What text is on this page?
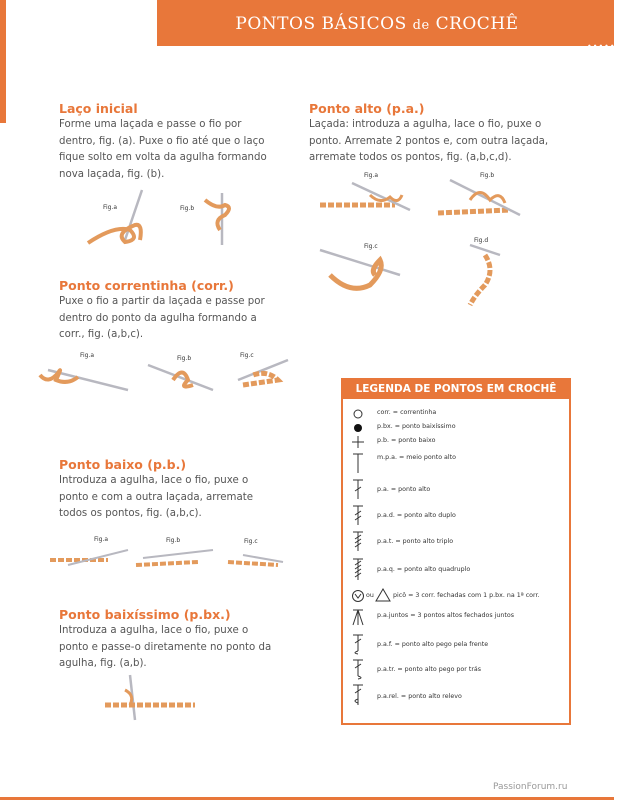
PONTOS BÁSICOS de CROCHÊ
•••••••••
Laço inicial
Forme uma laçada e passe o fio por
dentro, fig. (a). Puxe o fio até que o laço
fique solto em volta da agulha formando
nova laçada, fig. (b).
Fig.a	Fig.b
Ponto alto (p.a.)
Laçada: introduza a agulha, lace o fio, puxe o
ponto. Arremate 2 pontos e, com outra laçada,
arremate todos os pontos, fig. (a,b,c,d).
Fig.a	Fig.b
Fig.c
Fig.d
Ponto correntinha (corr.)
Puxe o fio a partir da laçada e passe por
dentro do ponto da agulha formando a
corr., fig. (a,b,c).
Fig.a	Fig.b	Fig.c
Ponto baixo (p.b.)
Introduza a agulha, lace o fio, puxe o
ponto e com a outra laçada, arremate
todos os pontos, fig. (a,b,c).
Fig.a	Fig.b	Fig.c
Ponto baixíssimo (p.bx.)
Introduza a agulha, lace o fio, puxe o
ponto e passe-o diretamente no ponto da
agulha, fig. (a,b).
LEGENDA DE PONTOS EM CROCHÊ
corr. = correntinha
p.bx. = ponto baixíssimo
p.b. = ponto baixo
m.p.a. = meio ponto alto
p.a. = ponto alto
p.a.d. = ponto alto duplo
p.a.t. = ponto alto triplo
p.a.q. = ponto alto quadruplo
ou	picô = 3 corr. fechadas com 1 p.bx. na 1ª corr.
p.a.juntos = 3 pontos altos fechados juntos
p.a.f. = ponto alto pego pela frente
p.a.tr. = ponto alto pego por trás
p.a.rel. = ponto alto relevo
PassionForum.ru
